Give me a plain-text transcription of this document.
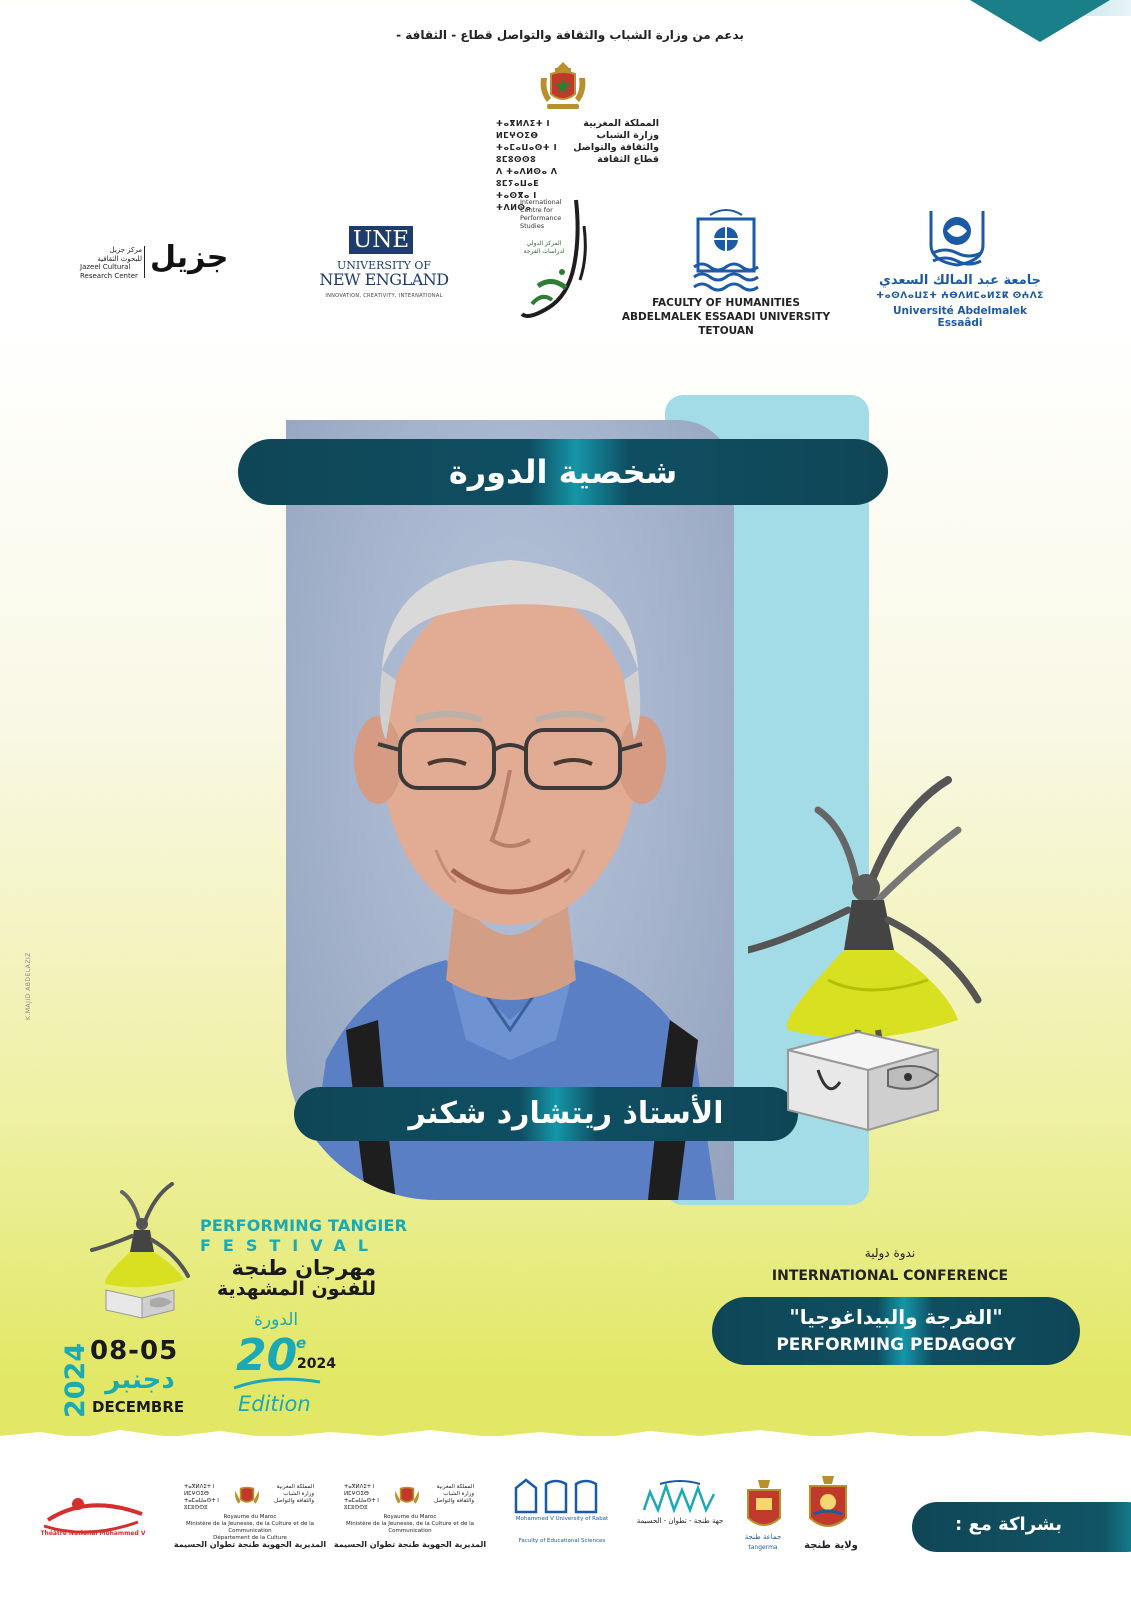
بدعم من وزارة الشباب والثقافة والتواصل قطاع - الثقافة -
المملكة المغربية
وزارة الشباب
والثقافة والتواصل
قطاع الثقافة
ⵜⴰⴳⵍⴷⵉⵜ ⵏ ⵍⵎⵖⵔⵉⴱ
ⵜⴰⵎⴰⵡⴰⵙⵜ ⵏ ⵓⵎⵓⵙⵙⵓ
ⴷ ⵜⴰⴷⵍⵙⴰ ⴷ ⵓⵎⵢⴰⵡⴰⴹ
ⵜⴰⵙⴳⴰ ⵏ ⵜⴷⵍⵙⴰ
مركز جزيل
للبحوث الثقافية
Jazeel Cultural
Research Center
جزيل	UNE
UNIVERSITY OF
NEW ENGLAND
INNOVATION, CREATIVITY, INTERNATIONAL
International
Centre for
Performance
Studies
المركز الدولي لدراسات الفرجة
FACULTY OF HUMANITIES
ABDELMALEK ESSAADI UNIVERSITY TETOUAN
جامعة عبد المالك السعدي
ⵜⴰⵙⴷⴰⵡⵉⵜ ⵄⴱⴷⵍⵎⴰⵍⵉⴽ ⵙⵄⴷⵉ
Université Abdelmalek Essaâdi
شخصية الدورة
الأستاذ ريتشارد شكنر
ندوة دولية
INTERNATIONAL CONFERENCE
"الفرجة والبيداغوجيا"
PERFORMING PEDAGOGY
K.MAJID ABDELAZIZ
PERFORMING TANGIER
FESTIVAL
مهرجان طنجة
للفنون المشهدية
2024 08-05
دجنبر
DECEMBRE
الدورة
20
e
2024
Edition
Théâtre National Mohammed V
ⵜⴰⴳⵍⴷⵉⵜ ⵏ ⵍⵎⵖⵔⵉⴱ
ⵜⴰⵎⴰⵡⴰⵙⵜ ⵏ ⵓⵎⵓⵙⵙⵓ
المملكة المغربية
وزارة الشباب
والثقافة والتواصل
Royaume du Maroc
Ministère de la Jeunesse, de la Culture et de la Communication
Département de la Culture
المديرية الجهوية طنجة تطوان الحسيمة
ⵜⴰⴳⵍⴷⵉⵜ ⵏ ⵍⵎⵖⵔⵉⴱ
ⵜⴰⵎⴰⵡⴰⵙⵜ ⵏ ⵓⵎⵓⵙⵙⵓ
المملكة المغربية
وزارة الشباب
والثقافة والتواصل
Royaume du Maroc
Ministère de la Jeunesse, de la Culture et de la Communication
المديرية الجهوية طنجة تطوان الحسيمة
Mohammed V University of Rabat
Faculty of Educational Sciences
جهة طنجة - تطوان - الحسيمة
جماعة طنجة
tangerma	ولاية طنجة
بشراكة مع :
